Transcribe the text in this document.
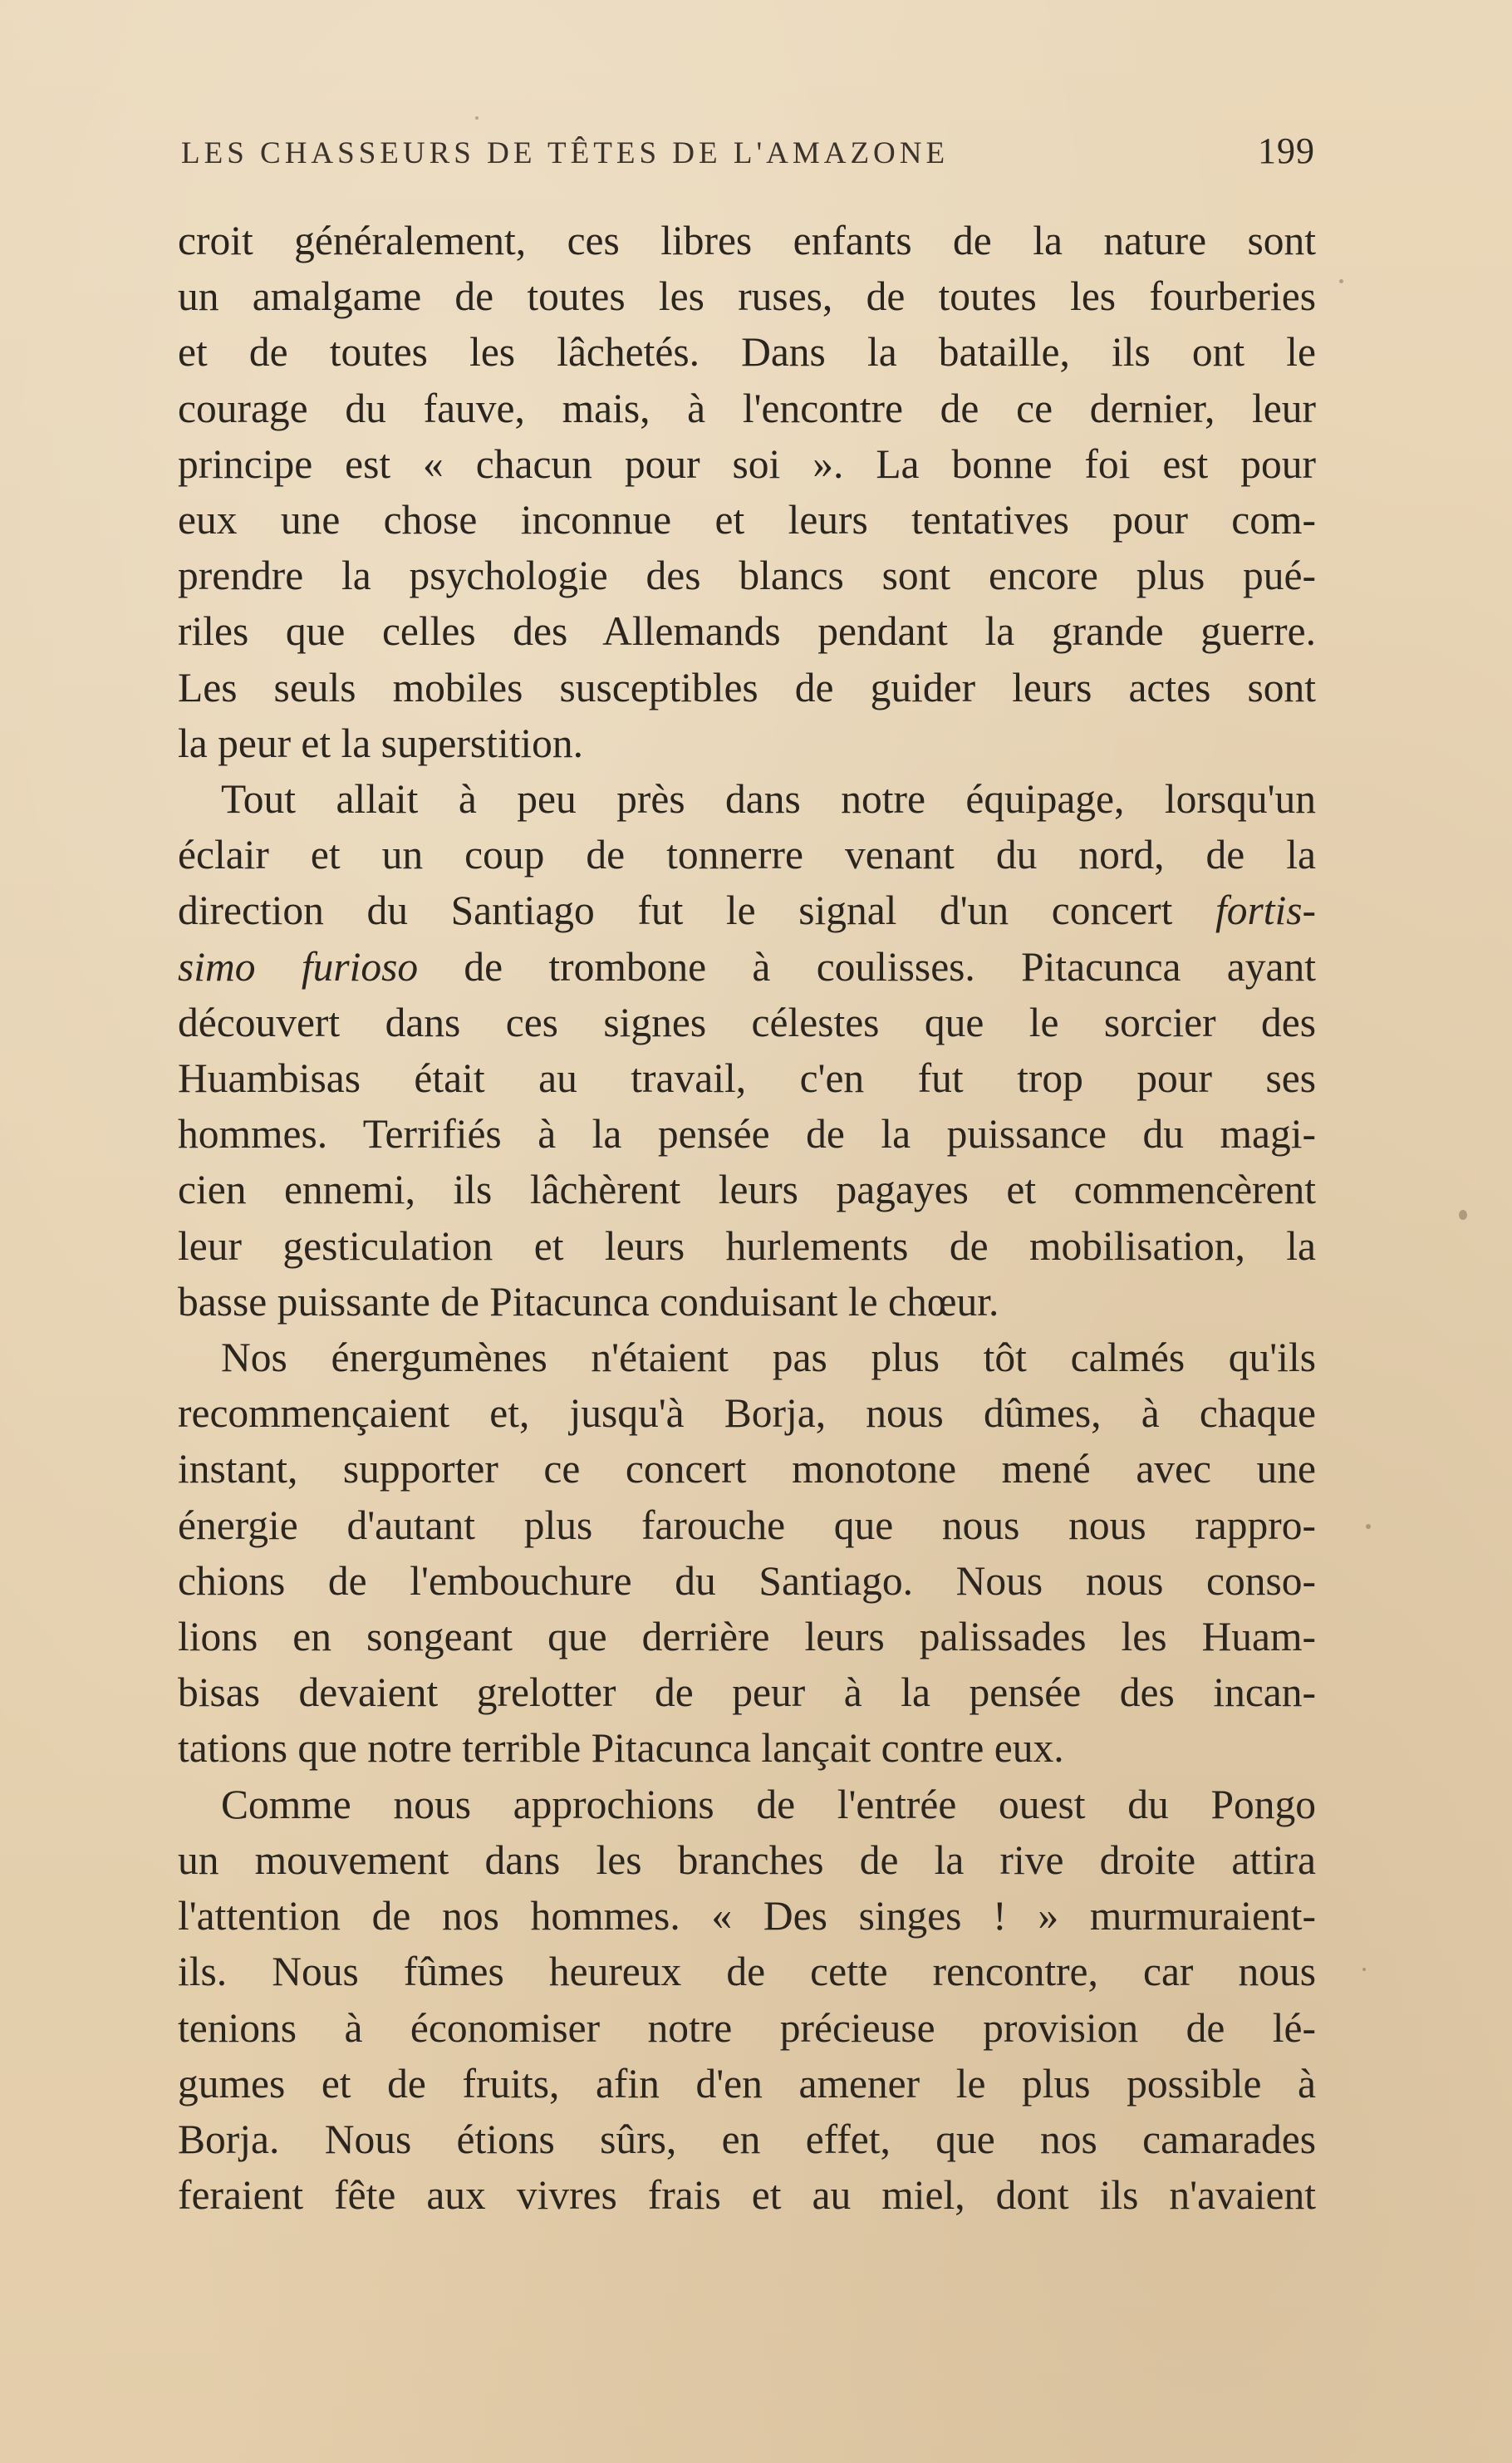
LES CHASSEURS DE TÊTES DE L'AMAZONE	199
croit généralement, ces libres enfants de la nature sont
un amalgame de toutes les ruses, de toutes les fourberies
et de toutes les lâchetés. Dans la bataille, ils ont le
courage du fauve, mais, à l'encontre de ce dernier, leur
principe est « chacun pour soi ». La bonne foi est pour
eux une chose inconnue et leurs tentatives pour com-
prendre la psychologie des blancs sont encore plus pué-
riles que celles des Allemands pendant la grande guerre.
Les seuls mobiles susceptibles de guider leurs actes sont
la peur et la superstition.
Tout allait à peu près dans notre équipage, lorsqu'un
éclair et un coup de tonnerre venant du nord, de la
direction du Santiago fut le signal d'un concert fortis-
simo furioso de trombone à coulisses. Pitacunca ayant
découvert dans ces signes célestes que le sorcier des
Huambisas était au travail, c'en fut trop pour ses
hommes. Terrifiés à la pensée de la puissance du magi-
cien ennemi, ils lâchèrent leurs pagayes et commencèrent
leur gesticulation et leurs hurlements de mobilisation, la
basse puissante de Pitacunca conduisant le chœur.
Nos énergumènes n'étaient pas plus tôt calmés qu'ils
recommençaient et, jusqu'à Borja, nous dûmes, à chaque
instant, supporter ce concert monotone mené avec une
énergie d'autant plus farouche que nous nous rappro-
chions de l'embouchure du Santiago. Nous nous conso-
lions en songeant que derrière leurs palissades les Huam-
bisas devaient grelotter de peur à la pensée des incan-
tations que notre terrible Pitacunca lançait contre eux.
Comme nous approchions de l'entrée ouest du Pongo
un mouvement dans les branches de la rive droite attira
l'attention de nos hommes. « Des singes ! » murmuraient-
ils. Nous fûmes heureux de cette rencontre, car nous
tenions à économiser notre précieuse provision de lé-
gumes et de fruits, afin d'en amener le plus possible à
Borja. Nous étions sûrs, en effet, que nos camarades
feraient fête aux vivres frais et au miel, dont ils n'avaient
